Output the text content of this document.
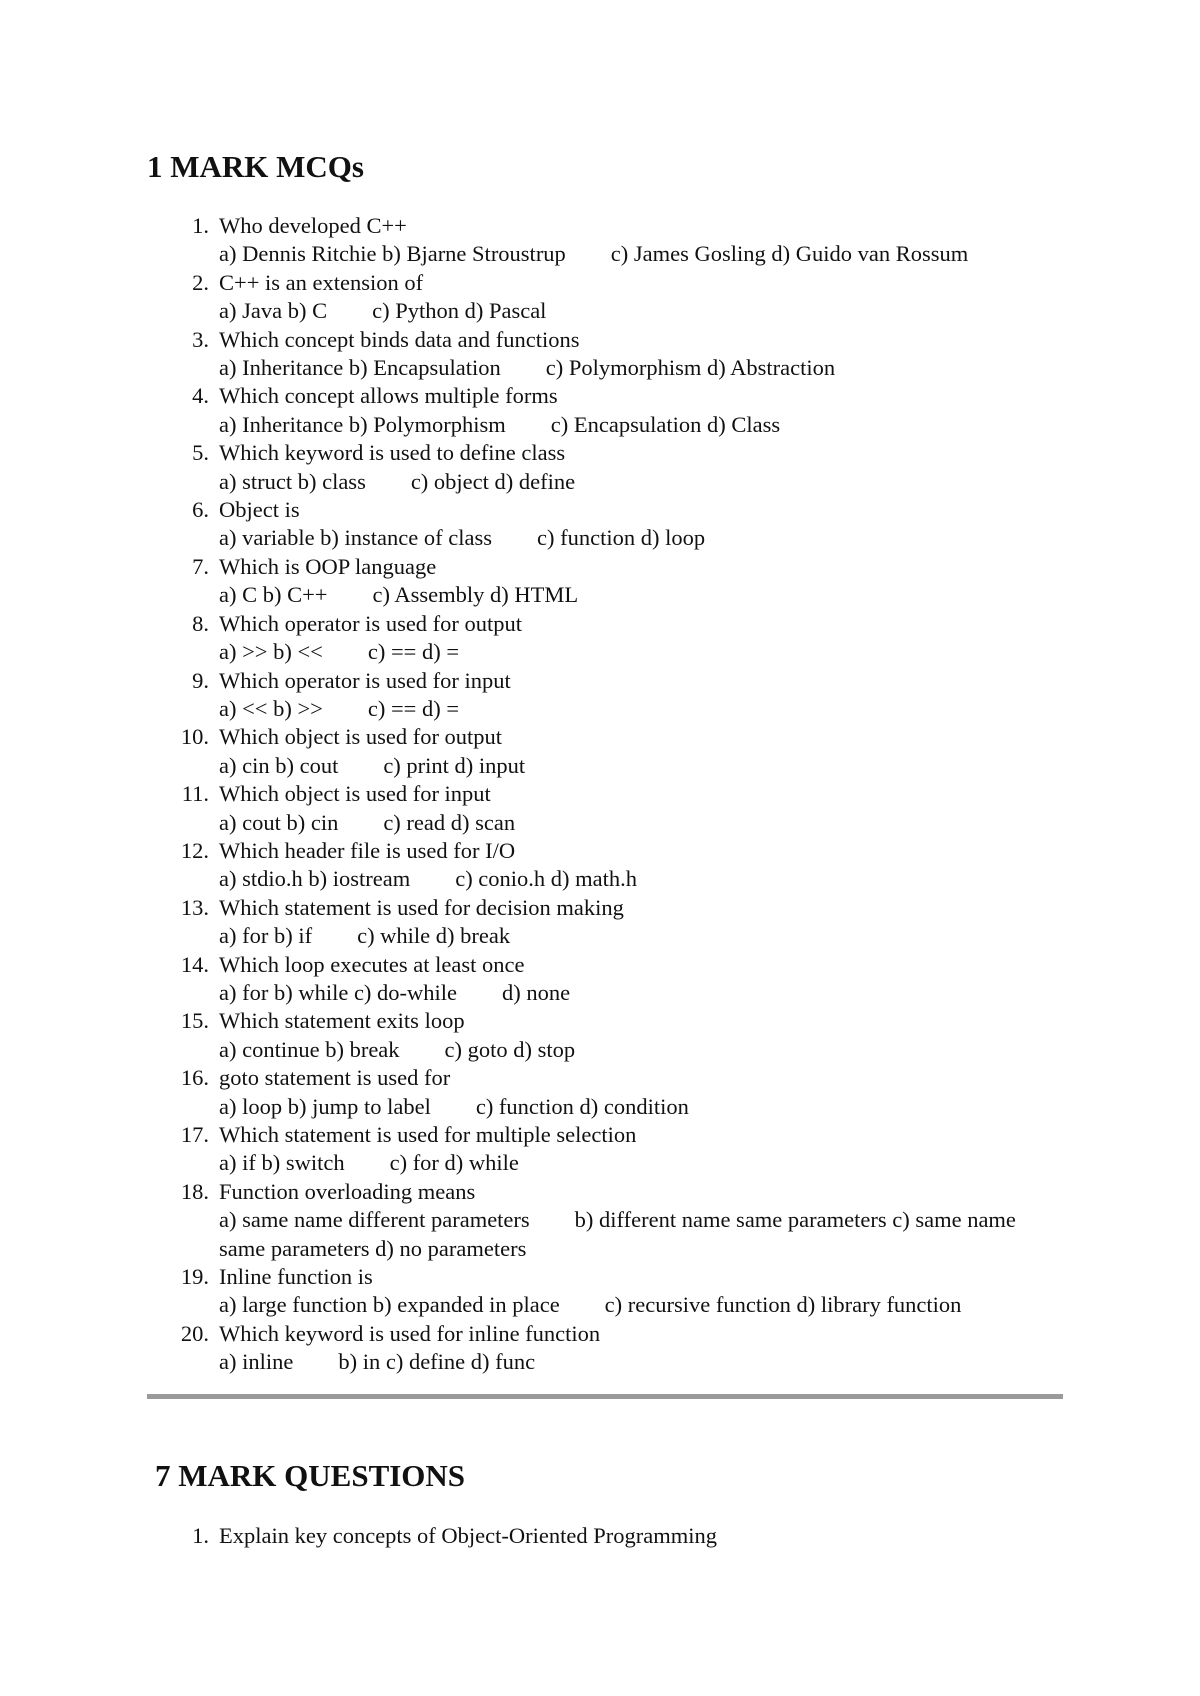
1 MARK MCQs
1. Who developed C++
a) Dennis Ritchie b) Bjarne Stroustrup        c) James Gosling d) Guido van Rossum
2. C++ is an extension of
a) Java b) C        c) Python d) Pascal
3. Which concept binds data and functions
a) Inheritance b) Encapsulation        c) Polymorphism d) Abstraction
4. Which concept allows multiple forms
a) Inheritance b) Polymorphism        c) Encapsulation d) Class
5. Which keyword is used to define class
a) struct b) class        c) object d) define
6. Object is
a) variable b) instance of class        c) function d) loop
7. Which is OOP language
a) C b) C++        c) Assembly d) HTML
8. Which operator is used for output
a) >> b) <<        c) == d) =
9. Which operator is used for input
a) << b) >>        c) == d) =
10. Which object is used for output
a) cin b) cout        c) print d) input
11. Which object is used for input
a) cout b) cin        c) read d) scan
12. Which header file is used for I/O
a) stdio.h b) iostream        c) conio.h d) math.h
13. Which statement is used for decision making
a) for b) if        c) while d) break
14. Which loop executes at least once
a) for b) while c) do-while        d) none
15. Which statement exits loop
a) continue b) break        c) goto d) stop
16. goto statement is used for
a) loop b) jump to label        c) function d) condition
17. Which statement is used for multiple selection
a) if b) switch        c) for d) while
18. Function overloading means
a) same name different parameters        b) different name same parameters c) same name same parameters d) no parameters
19. Inline function is
a) large function b) expanded in place        c) recursive function d) library function
20. Which keyword is used for inline function
a) inline        b) in c) define d) func
7 MARK QUESTIONS
1. Explain key concepts of Object-Oriented Programming
